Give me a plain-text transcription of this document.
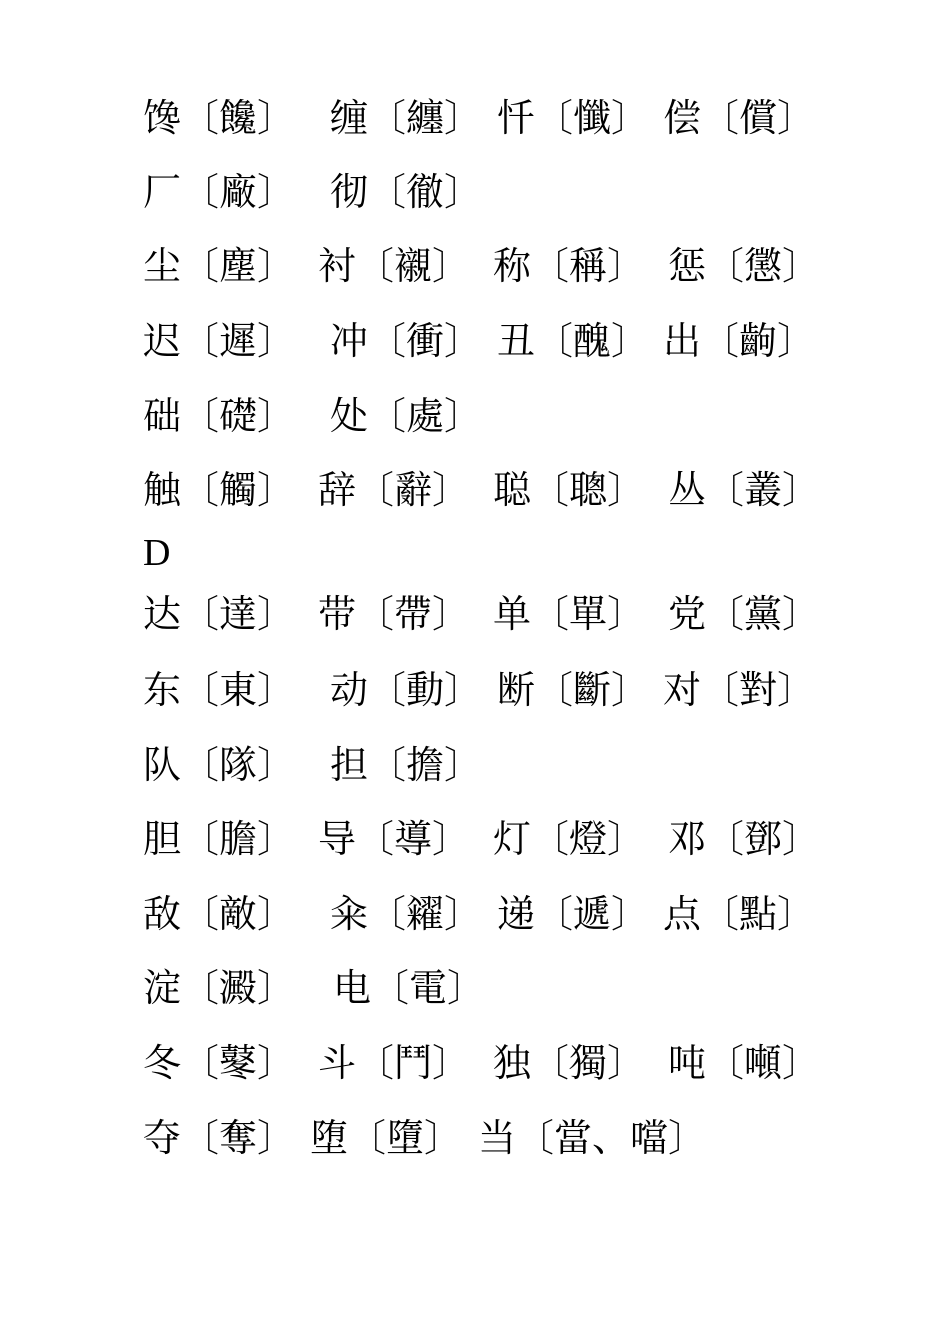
馋〔饞〕 缠〔纏〕 忏〔懺〕 偿〔償〕
厂〔廠〕 彻〔徹〕
尘〔塵〕 衬〔襯〕 称〔稱〕 惩〔懲〕
迟〔遲〕 冲〔衝〕 丑〔醜〕 出〔齣〕
础〔礎〕 处〔處〕
触〔觸〕 辞〔辭〕 聪〔聰〕 丛〔叢〕
D
达〔達〕 带〔帶〕 单〔單〕 党〔黨〕
东〔東〕 动〔動〕 断〔斷〕 对〔對〕
队〔隊〕 担〔擔〕
胆〔膽〕 导〔導〕 灯〔燈〕 邓〔鄧〕
敌〔敵〕 籴〔糴〕 递〔遞〕 点〔點〕
淀〔澱〕 电〔電〕
冬〔鼕〕 斗〔鬥〕 独〔獨〕 吨〔噸〕
夺〔奪〕 堕〔墮〕 当〔當、噹〕
